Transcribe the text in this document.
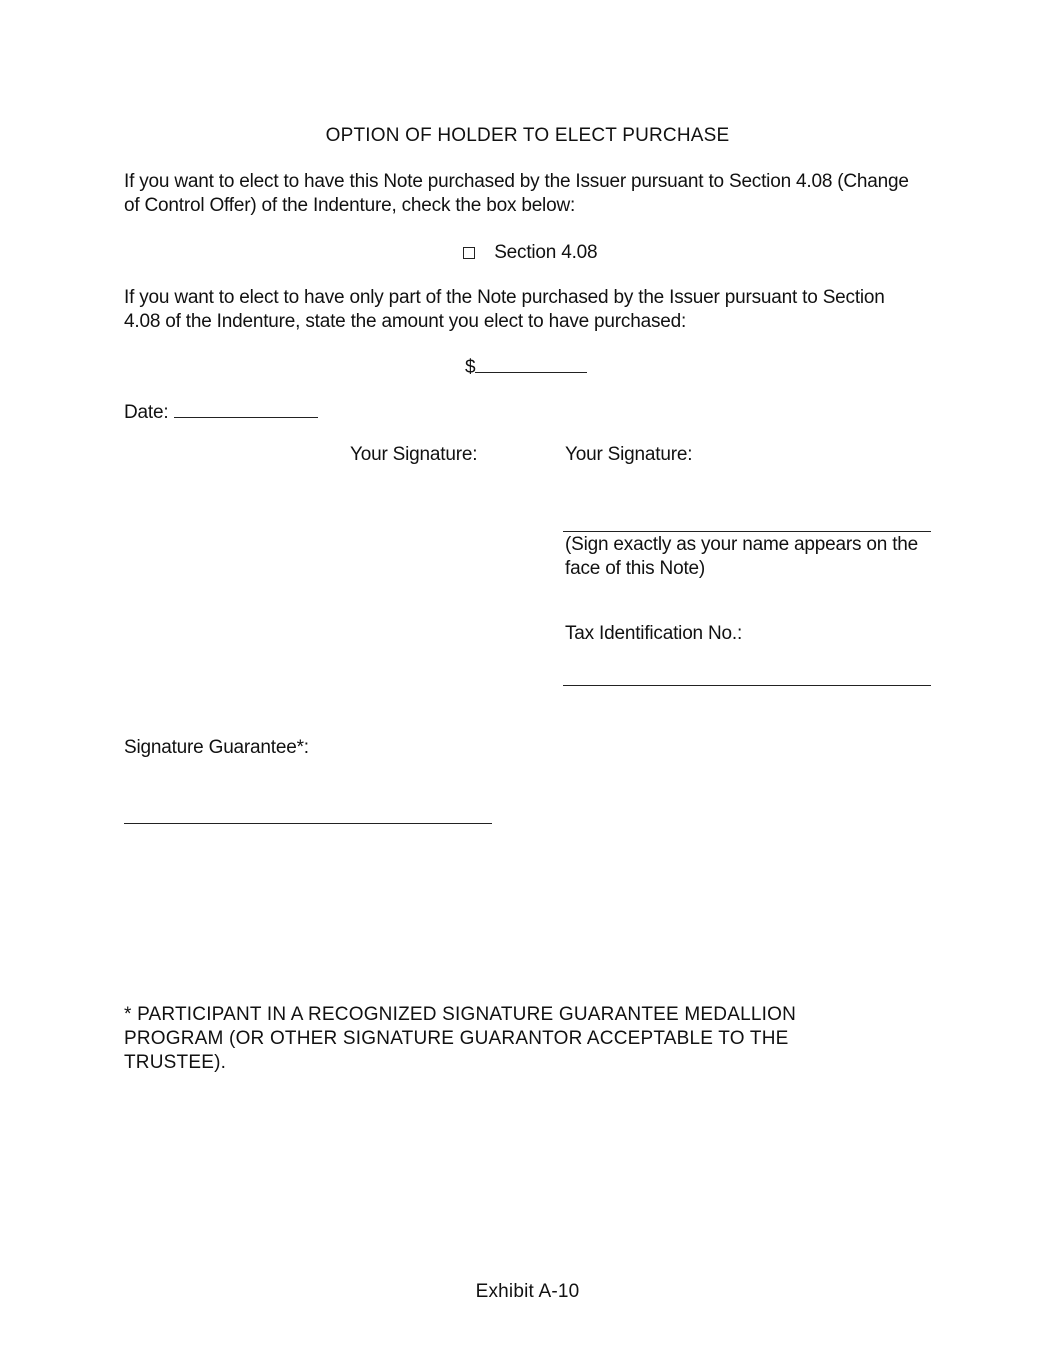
OPTION OF HOLDER TO ELECT PURCHASE
If you want to elect to have this Note purchased by the Issuer pursuant to Section 4.08 (Change
of Control Offer) of the Indenture, check the box below:
Section 4.08
If you want to elect to have only part of the Note purchased by the Issuer pursuant to Section
4.08 of the Indenture, state the amount you elect to have purchased:
$
Date:
Your Signature:	Your Signature:
(Sign exactly as your name appears on the
face of this Note)
Tax Identification No.:
Signature Guarantee*:
* PARTICIPANT IN A RECOGNIZED SIGNATURE GUARANTEE MEDALLION
PROGRAM (OR OTHER SIGNATURE GUARANTOR ACCEPTABLE TO THE
TRUSTEE).
Exhibit A-10
